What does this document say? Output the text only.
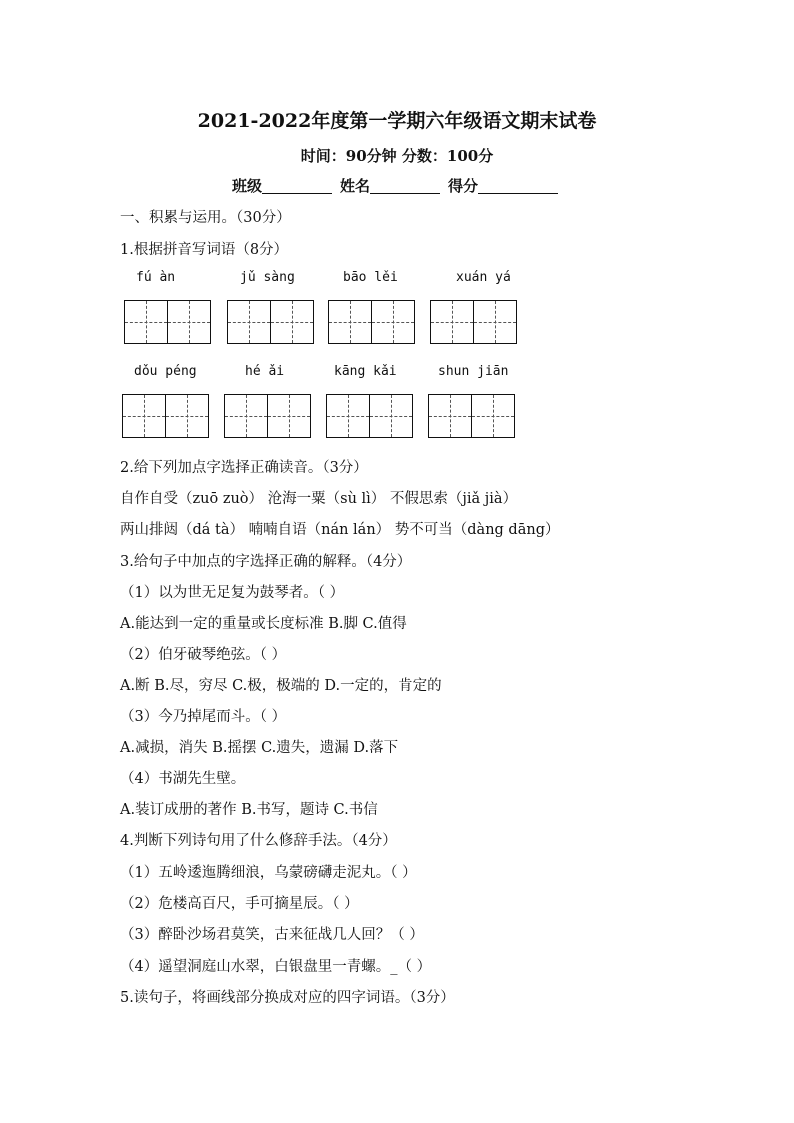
2021-2022年度第一学期六年级语文期末试卷
时间：90分钟 分数：100分
班级	姓名	得分
一、积累与运用。（30分）
1.根据拼音写词语（8分）
fú àn	jǔ sàng	bāo lěi	xuán yá
dǒu péng	hé ǎi	kāng kǎi	shun jiān
2.给下列加点字选择正确读音。（3分）
自作自受（zuō zuò） 沧海一粟（sù lì） 不假思索（jiǎ jià）
两山排闼（dá tà） 喃喃自语（nán lán） 势不可当（dàng dāng）
3.给句子中加点的字选择正确的解释。（4分）
（1）以为世无足复为鼓琴者。（ ）
A.能达到一定的重量或长度标准 B.脚 C.值得
（2）伯牙破琴绝弦。（ ）
A.断 B.尽，穷尽 C.极，极端的 D.一定的，肯定的
（3）今乃掉尾而斗。（ ）
A.减损，消失 B.摇摆 C.遗失，遗漏 D.落下
（4）书湖先生壁。
A.装订成册的著作 B.书写，题诗 C.书信
4.判断下列诗句用了什么修辞手法。（4分）
（1）五岭逶迤腾细浪，乌蒙磅礴走泥丸。（ ）
（2）危楼高百尺，手可摘星辰。（ ）
（3）醉卧沙场君莫笑，古来征战几人回？（ ）
（4）遥望洞庭山水翠，白银盘里一青螺。_（ ）
5.读句子，将画线部分换成对应的四字词语。（3分）
